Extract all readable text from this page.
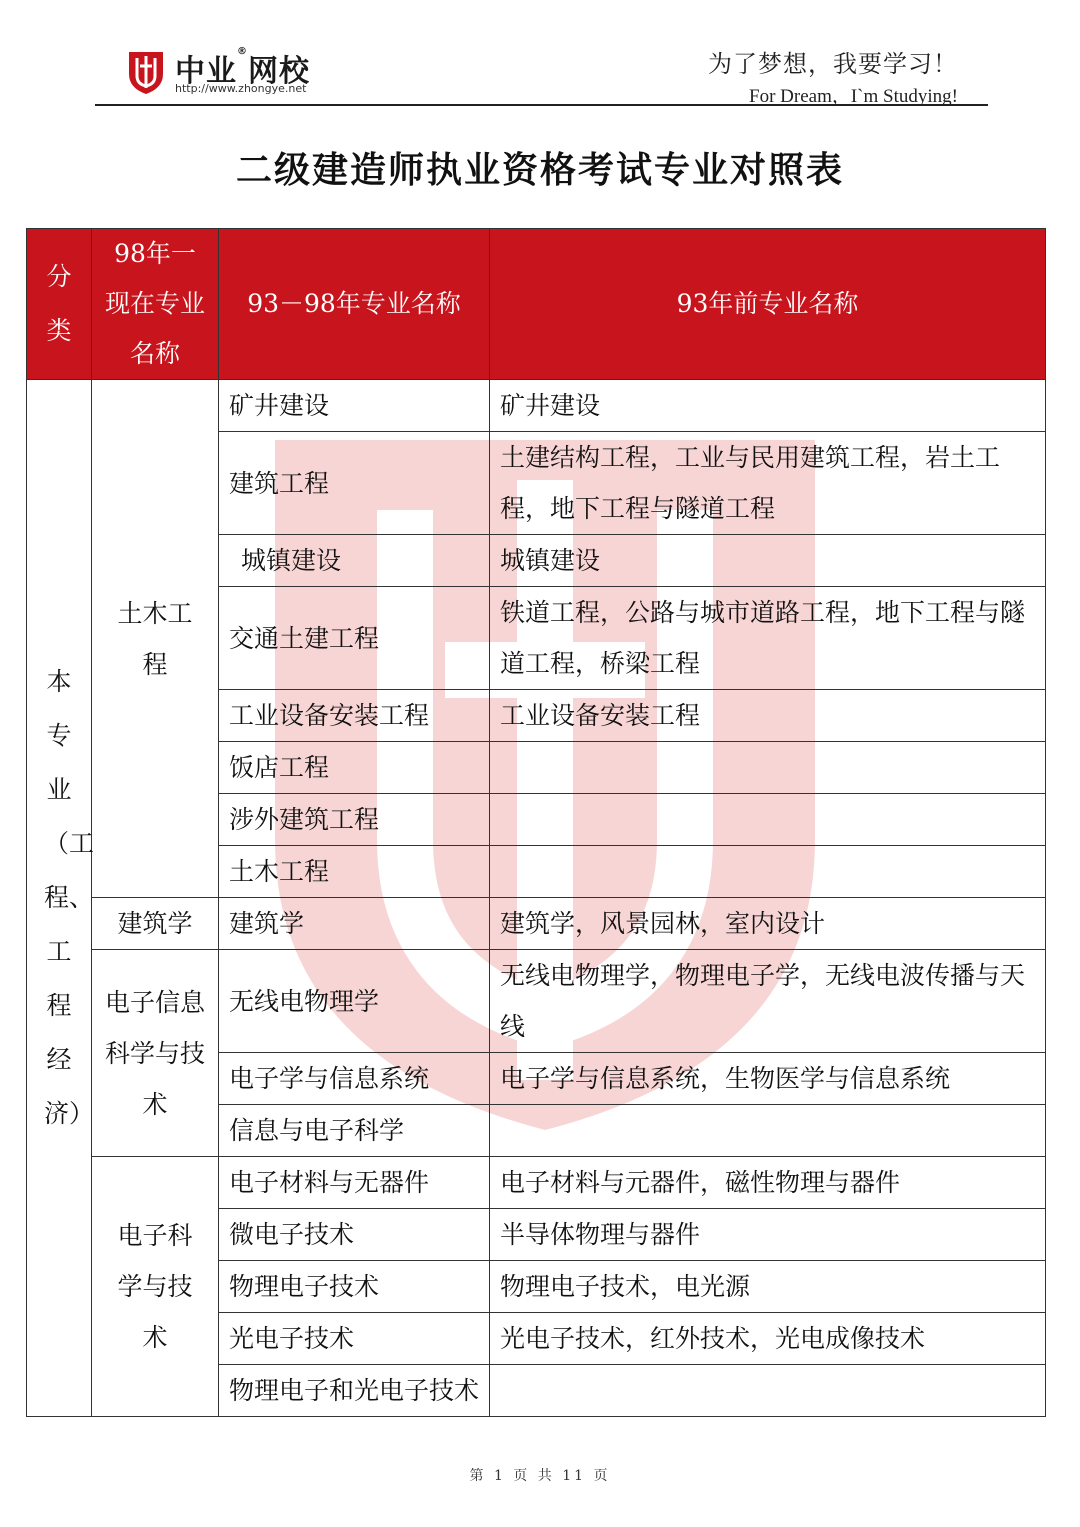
中业®网校
http://www.zhongye.net
为了梦想，我要学习！
For Dream，I`m Studying!
二级建造师执业资格考试专业对照表
分类	98年一现在专业名称	93－98年专业名称	93年前专业名称
本专业（工程、工程经济）	土木工程	矿井建设	矿井建设
		建筑工程	土建结构工程，工业与民用建筑工程，岩土工程，地下工程与隧道工程
		城镇建设	城镇建设
		交通土建工程	铁道工程，公路与城市道路工程，地下工程与隧道工程，桥梁工程
		工业设备安装工程	工业设备安装工程
		饭店工程	
		涉外建筑工程	
		土木工程	
	建筑学	建筑学	建筑学，风景园林，室内设计
	电子信息科学与技术	无线电物理学	无线电物理学，物理电子学，无线电波传播与天线
		电子学与信息系统	电子学与信息系统，生物医学与信息系统
		信息与电子科学	
	电子科学与技术	电子材料与无器件	电子材料与元器件，磁性物理与器件
		微电子技术	半导体物理与器件
		物理电子技术	物理电子技术，电光源
		光电子技术	光电子技术，红外技术，光电成像技术
		物理电子和光电子技术	
第 1 页 共 11 页
